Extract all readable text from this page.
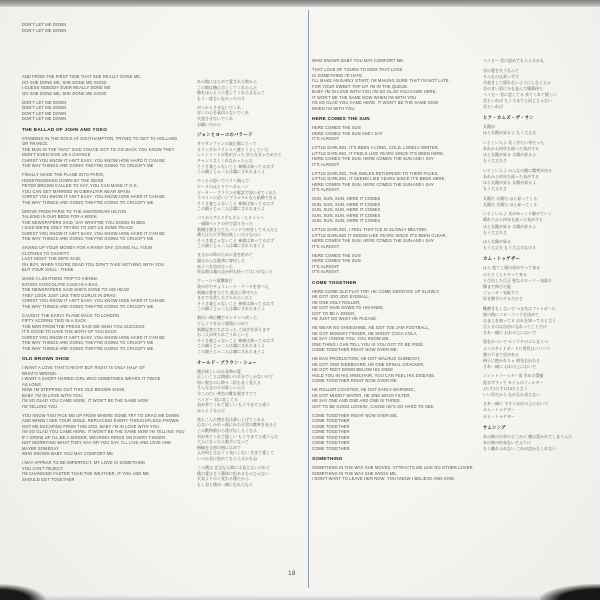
DON'T LET ME DOWN
DON'T LET ME DOWN
AND FROM THE FIRST TIME THAT SHE REALLY DONE ME,
OO SHE DONE ME, SHE DONE ME GOOD
I GUESS NOBODY EVER REALLY DONE ME
OO SHE DONE ME, SHE DONE ME GOOD
DON'T LET ME DOWN
DON'T LET ME DOWN
DON'T LET ME DOWN
DON'T LET ME DOWN
THE BALLAD OF JOHN AND YOKO
STANDING IN THE DOCK AT SOUTHAMPTON, TRYING TO GET TO HOLLAND
OR FRANCE.
THE MAN IN THE "MAC" SAID YOU'VE GOT TO GO BACK YOU KNOW THEY
DIDN'T EVEN GIVE US A CHANCE
CHRIST YOU KNOW IT AIN'T EASY, YOU KNOW HOW HARD IT CAN BE
THE WAY THINGS ARE GOING THEY'RE GOING TO CRUCIFY ME
FINALLY MADE THE PLANE INTO PARIS,
HONEYMOONING DOWN BY THE SEINE.
PETER BROWN CALLED TO SAY, YOU CAN MAKE IT O.K.
YOU CAN GET MARRIED IN GIBRALTAR NEAR SPAIN
CHRIST YOU KNOW IT AIN'T EASY, YOU KNOW HOW HARD IT CAN BE
THE WAY THINGS ARE GOING THEY'RE GOING TO CRUCIFY ME
DROVE FROM PARIS TO THE AMSTERDAM HILTON
TALKING IN OUR BEDS FOR A WEEK.
THE NEWSPAPERS SAID, SAY WHAT'RE YOU DOING IN BED
I SAID WE'RE ONLY TRYING TO GET US SOME PEACE
CHRIST YOU KNOW IT AIN'T EASY, YOU KNOW HOW HARD IT CAN BE
THE WAY THINGS ARE GOING THEY'RE GOING TO CRUCIFY ME
SAVING UP YOUR MONEY FOR A RAINY DAY, GIVING ALL YOUR
CLOTHES TO CHARITY.
LAST NIGHT THE WIFE SAID,
OH BOY, WHEN YOU'RE DEAD YOU DON'T TAKE NOTHING WITH YOU
BUT YOUR SOUL - THINK
MADE A LIGHTNING TRIP TO VIENNA
EATING CHOCOLATE CAKE IN A BAG.
THE NEWSPAPERS SAID SHE'S GONE TO HIS HEAD
THEY LOOK JUST LIKE TWO GURUS IN DRAG
CHRIST YOU KNOW IT AIN'T EASY, YOU KNOW HOW HARD IT CAN BE
THE WAY THINGS ARE GOING THEY'RE GOING TO CRUCIFY ME
CAUGHT THE EARLY PLANE BACK TO LONDON
FIFTY ACORNS TIED IN A SACK
THE MEN FROM THE PRESS SAID WE WISH YOU SUCCESS
IT'S GOOD TO HAVE THE BOTH OF YOU BACK
CHRIST YOU KNOW IT AIN'T EASY, YOU KNOW HOW HARD IT CAN BE
THE WAY THINGS ARE GOING THEY'RE GOING TO CRUCIFY ME
THE WAY THINGS ARE GOING THEY'RE GOING TO CRUCIFY ME
OLD BROWN SHOE
I WANT A LOVE THAT'S RIGHT BUT RIGHT IS ONLY HALF OF
WHAT'S WRONG.
I WANT A SHORT HAIRED GIRL WHO SOMETIMES WEARS IT TWICE
AS LONG
NOW I'M STEPPING OUT THIS OLD BROWN SHOE,
BABY, I'M IN LOVE WITH YOU,
I'M SO GLAD YOU CAME HERE, IT WON'T BE THE SAME NOW
I'M TELLING YOU
YOU KNOW YOU PICK ME UP FROM WHERE SOME TRY TO DRAG ME DOWN
AND WHEN I SEE YOUR SMILE, REPLACING EVERY THOUGHTLESS FROWN
GOT ME ESCAPING FROM THIS ZOO, BABY I'M IN LOVE WITH YOU
I'M SO GLAD YOU CAME HERE, IT WON'T BE THE SAME NOW I'M TELLING YOU
IF I GROW UP I'LL BE A SINGER, WEARING RINGS ON EVERY FINGER.
NOT WORRYING WHAT THEY SAY OR YOU SAY, I'LL LIVE AND LOVE AND
MAYBE SOMEDAY
WHO KNOWS BABY YOU MAY COMFORT ME.
I MAY APPEAR TO BE IMPERFECT, MY LOVE IS SOMETHING
YOU CAN'T REJECT.
I'M CHANGING FASTER THAN THE WEATHER, IF YOU AND ME
SHOULD GET TOGETHER
あの娘にはじめて愛された時から
この娘は俺に尽くしてくれたんだ
俺をほんとうに愛してくれた女なんて
もう一度もいなかったのさ
がっかりさせないでくれ
ぼくの心を裏切らないでくれ
失望させないでくれ
お願いだから
ジョンとヨーコのバラード
サウサンプトンの波止場に立って
オランダかフランスへ渡ろうとしていた
レインコートの男が言った 戻らなきゃだめだと
チャンスさえくれなかったんだ
そうさ楽じゃないこと 神様は知ってるはず
この調子じゃ二人は磔にされちまうよ
やっとの思いでパリへ飛んで
セーヌのほとりでハネムーン
ピーター・ブラウンが電話で知らせてくれた
スペインに近いジブラルタルなら結婚できる
そうさ楽じゃないこと 神様は知ってるはず
この調子じゃ二人は磔にされちまうよ
パリからアムステルダム・ヒルトンへ
一週間ベッドの中で語り合った
新聞は書きたてた ベッドで何をしてるんだと
僕らはただ平和が欲しいだけなのに
そうさ楽じゃないこと 神様は知ってるはず
この調子じゃ二人は磔にされちまうよ
まさかの時のために金を貯めて
服はみんな慈善に寄付した
ゆうべ女房が言った
死ぬ時は魂のほか何も持ってはいけないと
ウィーンへ電撃旅行
袋の中でチョコレート・ケーキを食べた
新聞は書きたてた 彼女に夢中だと
まるで女装したグルみたいだと
そうさ楽じゃないこと 神様は知ってるはず
この調子じゃ二人は磔にされちまうよ
朝早い飛行機でロンドンへ戻った
どんぐりを五十個袋につめて
新聞記者たちは言った ご成功を祈ります
お二人が戻られてうれしいと
そうさ楽じゃないこと 神様は知ってるはず
この調子じゃ二人は磔にされちまうよ
この調子じゃ二人は磔にされちまうよ
オールド・ブラウン・シュー
僕が欲しいのは本物の愛
正しいことは間違いの半分でしかないけど
短い髪なのに時々二倍も長く見える
そんな女の子が欲しいんだ
今この古い茶色の靴を脱ぎすてて
ベイビー 君に恋してる
君が来てくれて嬉しい もう今までと違う
ほんとうなんだ
落ちこんだ僕を君は救い上げてくれる
心ないしかめっ面にかわる君の微笑を見ると
この動物園から逃げ出したくなる
君が来てくれて嬉しい もう今までと違うんだ
大人になったら歌手になって
指輪を全部の指にはめて
人が何と言おうと気にしない 生きて愛して
いつか君に慰めてもらえるかもね
この僕は 完全な人間には見えないけれど
僕の愛はそう簡単に拒めるものじゃない
天気より早く変わる僕だから
もし君と僕が一緒になれたなら
WHO KNOWS BABY YOU MAY COMFORT ME.
THAT LOVE OF YOURS TO MISS THAT LOVE
IS SOMETHING I'D HATE.
I'LL MAKE AN EARLY START, I'M MAKING SURE THAT I'M NOT LATE.
FOR YOUR SWEET TOP LIP I'M IN THE QUEUE.
BABY I'M IN LOVE WITH YOU I'M SO GLAD YOU CAME HERE,
IT WON'T BE THE SAME NOW WHEN I'M WITH YOU
I'M SO GLAD YOU CAME HERE, IT WON'T BE THE SAME NOW
WHEN I'M WITH YOU
HERE COMES THE SUN
HERE COMES THE SUN
HERE COMES THE SUN AND I SAY
IT'S ALRIGHT
LITTLE DARLING, IT'S BEEN A LONG, COLD, LONELY WINTER.
LITTLE DARLING, IT FEELS LIKE YEARS SINCE IT'S BEEN HERE.
HERE COMES THE SUN, HERE COMES THE SUN AND I SAY
IT'S ALRIGHT.
LITTLE DARLING, THE SMILES RETURNING TO THEIR FACES.
LITTLE DARLING, IT SEEMS LIKE YEARS SINCE IT'S BEEN HERE.
HERE COMES THE SUN, HERE COMES THE SUN AND I SAY
IT'S ALRIGHT.
SUN, SUN, SUN, HERE IT COMES
SUN, SUN, SUN, HERE IT COMES
SUN, SUN, SUN, HERE IT COMES
SUN, SUN, SUN, HERE IT COMES
SUN, SUN, SUN, HERE IT COMES
LITTLE DARLING, I FEEL THAT ICE IS SLOWLY MELTING.
LITTLE DARLING IT SEEMS LIKE YEARS SINCE IT'S BEEN CLEAR.
HERE COMES THE SUN, HERE COMES THE SUN AND I SAY
IT'S ALRIGHT.
HERE COMES THE SUN
HERE COMES THE SUN
IT'S ALRIGHT
IT'S ALRIGHT.
COME TOGETHER
HERE COME OLD FLAT TOP, HE COME GROOVIN' UP SLOWLY,
HE GOT JOO JOO EYEBALL,
HE ONE HOLY ROLLER,
HE GOT HAIR DOWN TO HIS KNEE.
GOT TO BE A JOKER,
HE JUST DO WHAT HE PLEASE.
HE WEAR NO SHOESHINE, HE GOT TOE JAM FOOTBALL,
HE GOT MONKEY FINGER, HE SHOOT COCA COLA,
HE SAY I KNOW YOU, YOU KNOW ME.
ONE THING I CAN TELL YOU IS YOU GOT TO BE FREE.
COME TOGETHER RIGHT NOW OVER ME.
HE BAG PRODUCTION, HE GOT WALRUS GUMBOOT,
HE GOT ONO SIDEBOARD, HE ONE SPINAL CRACKER,
HE GOT FEET DOWN BELOW HIS KNEE
HOLD YOU IN HIS ARMCHAIR, YOU CAN FEEL HIS DISEASE.
COME TOGETHER RIGHT NOW OVER ME.
HE ROLLER COASTER, HE GOT EARLY WARNING,
HE GOT MUDDY WATER, HE ONE MOJO FILTER,
HE SAY ONE AND ONE AND ONE IS THREE.
GOT TO BE GOOD LOOKIN', CAUSE HE'S SO HARD TO SEE.
COME TOGETHER RIGHT NOW OVER ME.
COME TOGETHER
COME TOGETHER
COME TOGETHER
COME TOGETHER
COME TOGETHER
COME TOGETHER.
SOMETHING
SOMETHING IN THE WAY SHE MOVES, ATTRACTS ME LIKE NO OTHER LOVER
SOMETHING IN THE WAY SHE WOOS ME,
I DON'T WANT TO LEAVE HER NOW, YOU KNOW I BELIEVE AND HOW.
ベイビー 君に慰めてもらえるかも
君の愛を失うなんて
そんなのは真っ平だ
早起きして遅れないようにしなくちゃ
君の甘い唇に今も並んで順番待ち
ベイビー 君に恋してる 来てくれて嬉しい
君といれば もう今までと同じじゃない
君といれば
ヒア・カムズ・ザ・サン
太陽が
ほら太陽が昇るよ もう大丈夫
いとしい人よ 長く冷たい冬だった
あれから何年も経った気がする
ほら太陽が昇る 太陽が昇るよ
もう大丈夫さ
いとしい人よ みんなの顔に微笑が戻る
あれから何年も経った気がする
ほら太陽が昇る 太陽が昇るよ
もう大丈夫さ
太陽だ 太陽だ ほら昇ってくる
太陽だ 太陽だ ほら昇ってくる
いとしい人よ 氷がゆっくり解けていく
晴れてから何年も経った気がする
ほら太陽が昇る 太陽が昇るよ
もう大丈夫さ
ほら太陽が昇る
もう大丈夫 もう大丈夫なのさ
カム・トゥゲザー
ほら 変てこ頭の男がやって来る
のらりくらりやって来る
とび出した目玉 聖なるローラー気取り
膝まで伸びた髪
ジョーカー気取りで
好き勝手にやるだけさ
靴磨きもしないで つま先はフットボール
猿の指にコカ・コーラを決めて
おまえを知ってる おれを知ってると言う
言えるのは自由になれってことだけ
さあ一緒に おれの上においで
袋をかついで セイウチのゴム長ぐつ
オノのサイドボードに背骨はバリバリ
膝の下まで足がある
椅子に抱かれりゃ 病気も伝わる
さあ一緒に おれの上においで
ジェットコースター男 早めの警報
泥水すすって モジョのフィルター
1たす1たす1は3だと言う
いい男だから なかなか見えない
さあ一緒に 今すぐおれの上においで
カム・トゥゲザー
カム・トゥゲザー
サムシング
あの娘の仕草のどこかに 俺は惹かれてしまうんだ
あの娘の何気ないそぶりに
もう離れられない これが恋かもしれない
18
